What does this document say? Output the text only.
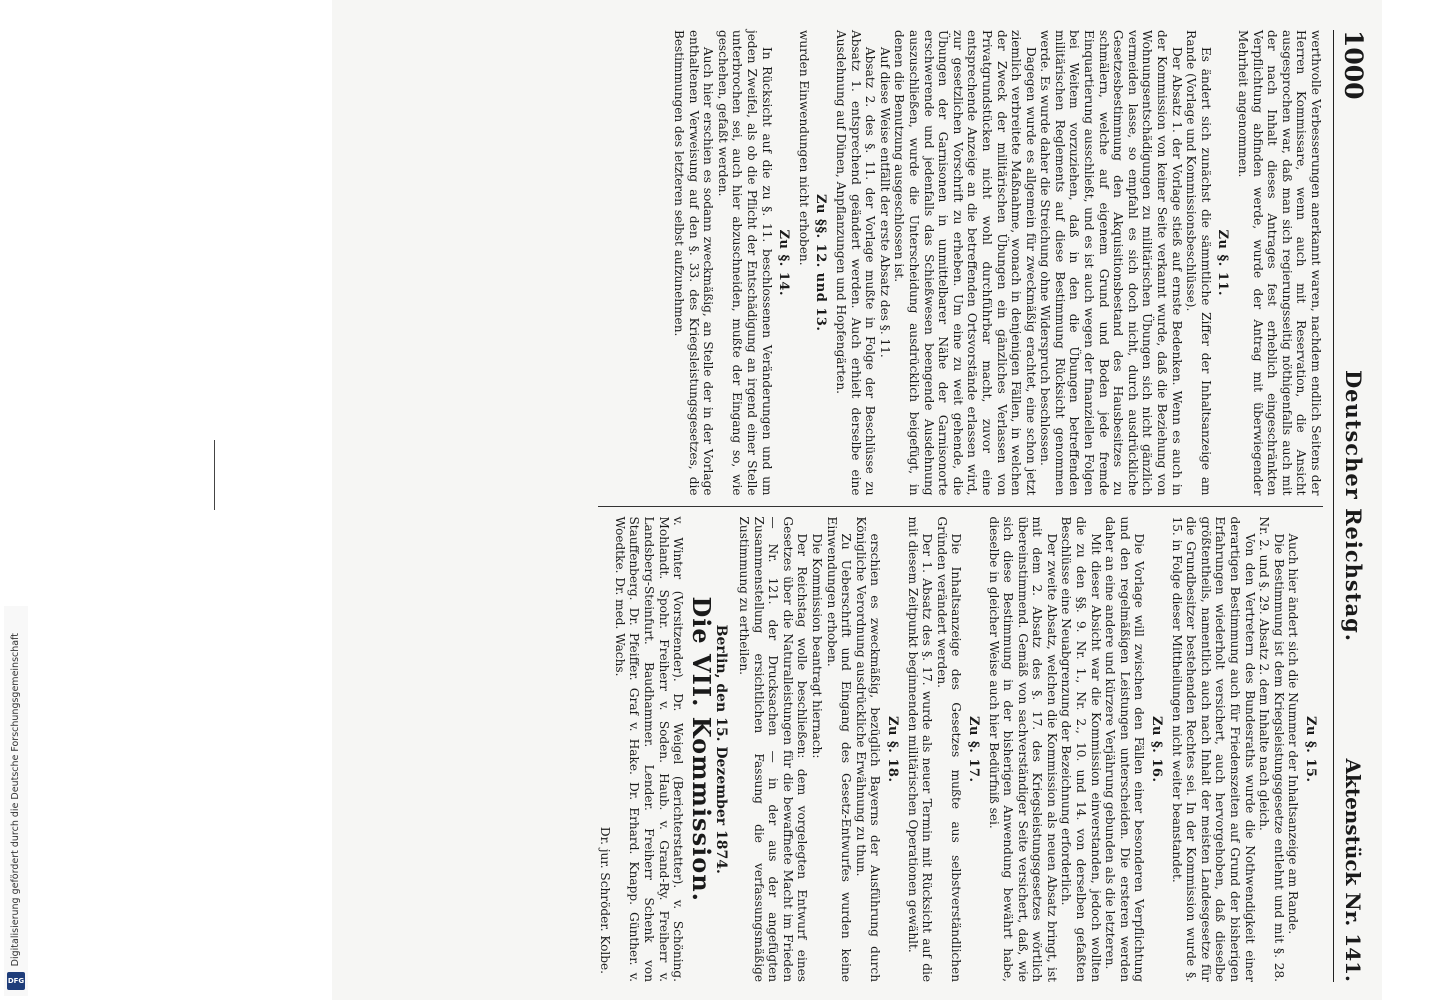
1000
Deutscher Reichstag.
Aktenstück Nr. 141.

werthvolle Verbesserungen anerkannt waren, nachdem endlich Seitens der Herren Kommissare, wenn auch mit Reservation, die Ansicht ausgesprochen war, daß man sich regierungsseitig nöthigenfalls auch mit der nach Inhalt dieses Antrages fest erheblich eingeschränkten Verpflichtung abfinden werde, wurde der Antrag mit überwiegender Mehrheit angenommen.

Zu §. 11.

Es ändert sich zunächst die sämmtliche Ziffer der Inhaltsanzeige am Rande (Vorlage und Kommissionsbeschlüsse).

Der Absatz 1. der Vorlage stieß auf ernste Bedenken. Wenn es auch in der Kommission von keiner Seite verkannt wurde, daß die Beziehung von Wohnungsentschädigungen zu militärischen Übungen sich nicht gänzlich vermeiden lasse, so empfahl es sich doch nicht, durch ausdrückliche Gesetzesbestimmung den Akquisitionsbestand des Hausbesitzes zu schmälern, welche auf eigenem Grund und Boden jede fremde Einquartierung ausschließt, und es ist auch wegen der finanziellen Folgen bei Weitem vorzuziehen, daß in den die Übungen betreffenden militärischen Reglements auf diese Bestimmung Rücksicht genommen werde. Es wurde daher die Streichung ohne Widerspruch beschlossen.

Dagegen wurde es allgemein für zweckmäßig erachtet, eine schon jetzt ziemlich verbreitete Maßnahme, wonach in denjenigen Fällen, in welchen der Zweck der militärischen Übungen ein gänzliches Verlassen von Privatgrundstücken nicht wohl durchführbar macht, zuvor eine entsprechende Anzeige an die betreffenden Ortsvorstände erlassen wird, zur gesetzlichen Vorschrift zu erheben. Um eine zu weit gehende, die Übungen der Garnisonen in unmittelbarer Nähe der Garnisonorte erschwerende und jedenfalls das Schießwesen beengende Ausdehnung auszuschließen, wurde die Unterscheidung ausdrücklich beigefügt, in denen die Benutzung ausgeschlossen ist.

Auf diese Weise entfällt der erste Absatz des §. 11.

Absatz 2. des §. 11. der Vorlage mußte in Folge der Beschlüsse zu Absatz 1. entsprechend geändert werden. Auch erhielt derselbe eine Ausdehnung auf Dünen, Anpflanzungen und Hopfengärten.

Zu §§. 12. und 13.

wurden Einwendungen nicht erhoben.

Zu §. 14.

In Rücksicht auf die zu §. 11. beschlossenen Veränderungen und um jeden Zweifel, als ob die Pflicht der Entschädigung an irgend einer Stelle unterbrochen sei, auch hier abzuschneiden, mußte der Eingang so, wie geschehen, gefaßt werden.

Auch hier erschien es sodann zweckmäßig, an Stelle der in der Vorlage enthaltenen Verweisung auf den §. 33. des Kriegsleistungsgesetzes, die Bestimmungen des letzteren selbst aufzunehmen.

Zu §. 15.

Auch hier ändert sich die Nummer der Inhaltsanzeige am Rande.

Die Bestimmung ist dem Kriegsleistungsgesetze entlehnt und mit §. 28. Nr. 2. und §. 29. Absatz 2. dem Inhalte nach gleich.

Von den Vertretern des Bundesraths wurde die Nothwendigkeit einer derartigen Bestimmung auch für Friedenszeiten auf Grund der bisherigen Erfahrungen wiederholt versichert, auch hervorgehoben, daß dieselbe größtentheils, namentlich auch nach Inhalt der meisten Landesgesetze für die Grundbesitzer bestehenden Rechtes sei. In der Kommission wurde §. 15. in Folge dieser Mittheilungen nicht weiter beanstandet.

Zu §. 16.

Die Vorlage will zwischen den Fällen einer besonderen Verpflichtung und den regelmäßigen Leistungen unterscheiden. Die ersteren werden daher an eine andere und kürzere Verjährung gebunden als die letzteren.

Mit dieser Absicht war die Kommission einverstanden, jedoch wollten die zu den §§. 9. Nr. 1., Nr. 2., 10. und 14. von derselben gefaßten Beschlüsse eine Neuabgrenzung der Bezeichnung erforderlich.

Der zweite Absatz, welchen die Kommission als neuen Absatz bringt, ist mit dem 2. Absatz des §. 17. des Kriegsleistungsgesetzes wörtlich übereinstimmend. Gemäß von sachverständiger Seite versichert, daß, wie sich diese Bestimmung in der bisherigen Anwendung bewährt habe, dieselbe in gleicher Weise auch hier Bedürfniß sei.

Zu §. 17.

Die Inhaltsanzeige des Gesetzes mußte aus selbstverständlichen Gründen verändert werden.

Der 1. Absatz des §. 17. wurde als neuer Termin mit Rücksicht auf die mit diesem Zeitpunkt beginnenden militärischen Operationen gewählt.

Zu §. 18.

erschien es zweckmäßig, bezüglich Bayerns der Ausführung durch Königliche Verordnung ausdrückliche Erwähnung zu thun.

Zu Ueberschrift und Eingang des Gesetz-Entwurfes wurden keine Einwendungen erhoben.

Die Kommission beantragt hiernach:

Der Reichstag wolle beschließen: dem vorgelegten Entwurf eines Gesetzes über die Naturalleistungen für die bewaffnete Macht im Frieden — Nr. 121. der Drucksachen — in der aus der angefügten Zusammenstellung ersichtlichen Fassung die verfassungsmäßige Zustimmung zu ertheilen.

Berlin, den 15. Dezember 1874.
Die VII. Kommission.
v. Winter (Vorsitzender). Dr. Weigel (Berichterstatter). v. Schöning. Mohlandt. Spohr. Freiherr v. Soden. Haub. v. Grand-Ry. Freiherr v. Landsberg-Steinfurt. Baudhammer. Lender. Freiherr Schenk von Stauffenberg. Dr. Pfeiffer. Graf v. Hake. Dr. Erhard. Knapp. Günther. v. Woedtke. Dr. med. Wachs.
Dr. jur. Schröder. Kolbe.
Digitalisierung gefördert durch die Deutsche Forschungsgemeinschaft
DFG
